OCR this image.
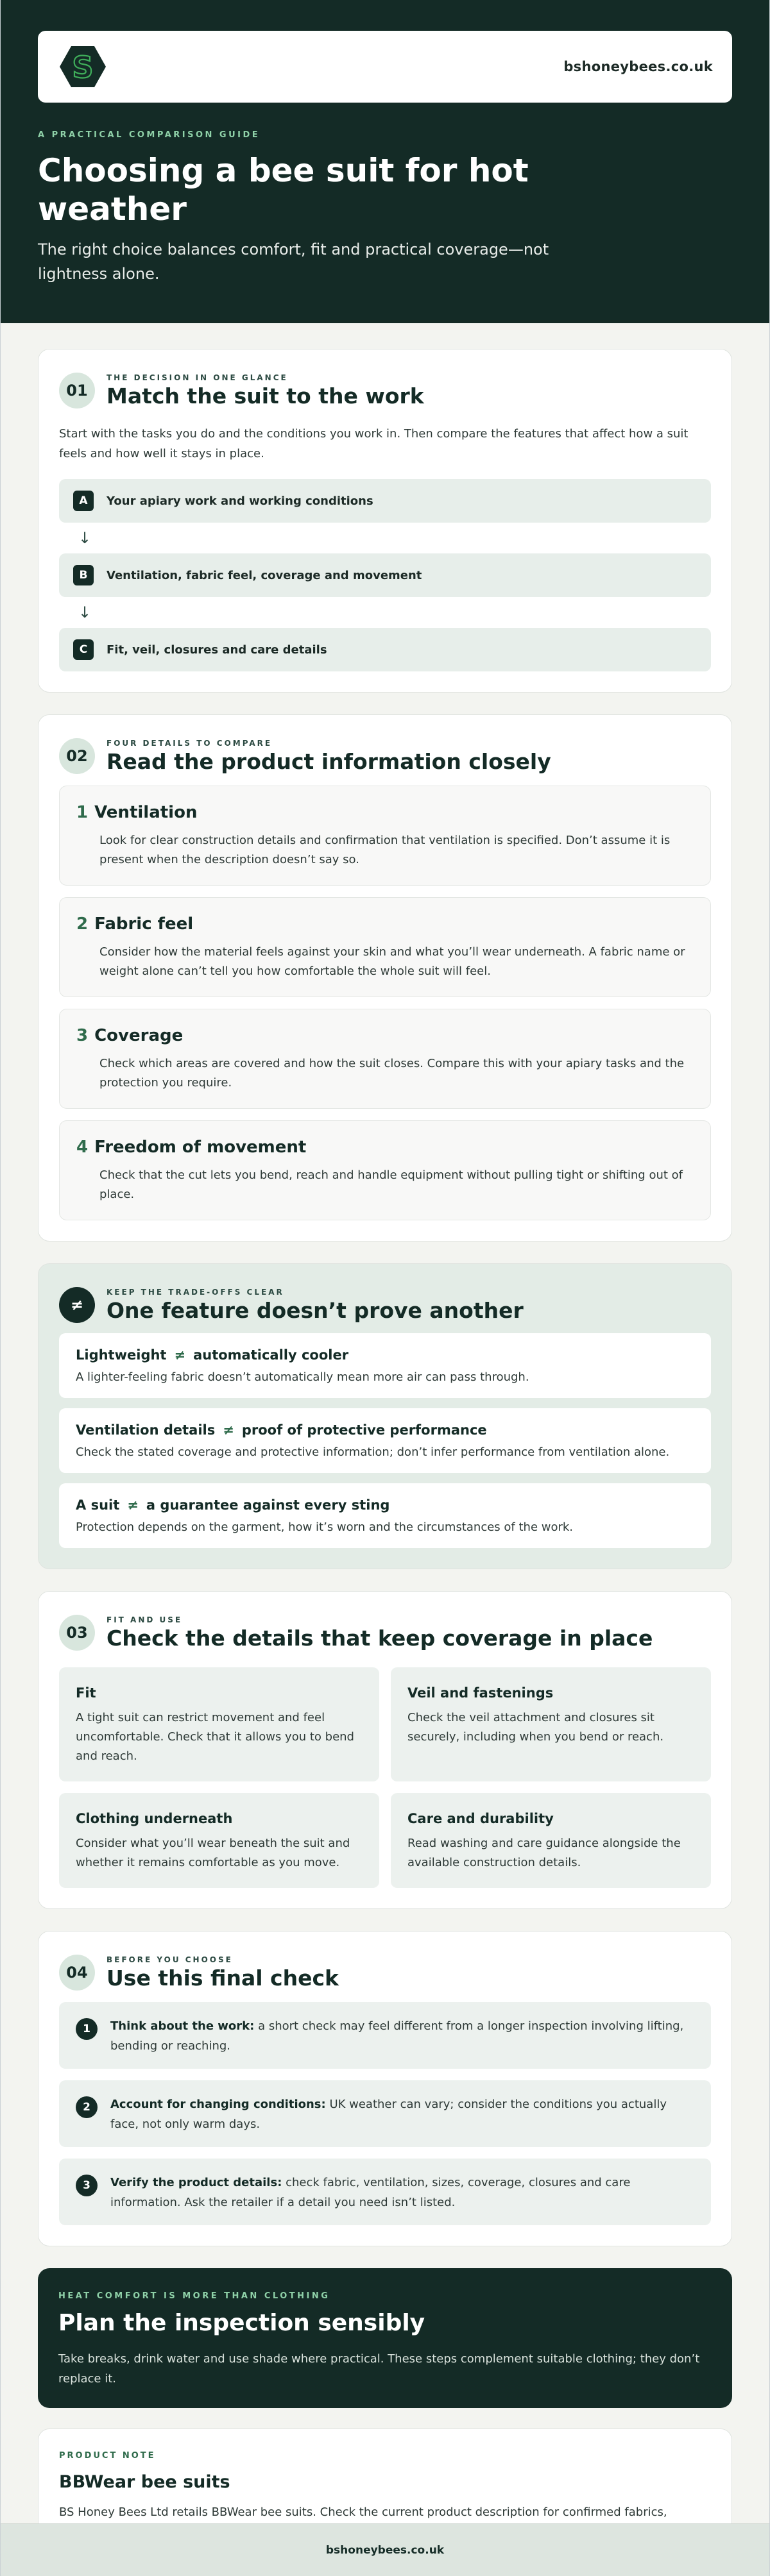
S	bshoneybees.co.uk
A PRACTICAL COMPARISON GUIDE
Choosing a bee suit for hot weather

The right choice balances comfort, fit and practical coverage—not lightness alone.

01
THE DECISION IN ONE GLANCE
Match the suit to the work

Start with the tasks you do and the conditions you work in. Then compare the features that affect how a suit feels and how well it stays in place.

A	Your apiary work and working conditions
↓
B	Ventilation, fabric feel, coverage and movement
↓
C	Fit, veil, closures and care details
02
FOUR DETAILS TO COMPARE
Read the product information closely
1 Ventilation

Look for clear construction details and confirmation that ventilation is specified. Don’t assume it is present when the description doesn’t say so.

2 Fabric feel

Consider how the material feels against your skin and what you’ll wear underneath. A fabric name or weight alone can’t tell you how comfortable the whole suit will feel.

3 Coverage

Check which areas are covered and how the suit closes. Compare this with your apiary tasks and the protection you require.

4 Freedom of movement

Check that the cut lets you bend, reach and handle equipment without pulling tight or shifting out of place.

≠
KEEP THE TRADE-OFFS CLEAR
One feature doesn’t prove another
Lightweight ≠ automatically cooler

A lighter-feeling fabric doesn’t automatically mean more air can pass through.

Ventilation details ≠ proof of protective performance

Check the stated coverage and protective information; don’t infer performance from ventilation alone.

A suit ≠ a guarantee against every sting

Protection depends on the garment, how it’s worn and the circumstances of the work.

03
FIT AND USE
Check the details that keep coverage in place
Fit

A tight suit can restrict movement and feel uncomfortable. Check that it allows you to bend and reach.

Veil and fastenings

Check the veil attachment and closures sit securely, including when you bend or reach.

Clothing underneath

Consider what you’ll wear beneath the suit and whether it remains comfortable as you move.

Care and durability

Read washing and care guidance alongside the available construction details.

04
BEFORE YOU CHOOSE
Use this final check
1	Think about the work: a short check may feel different from a longer inspection involving lifting, bending or reaching.

2	Account for changing conditions: UK weather can vary; consider the conditions you actually face, not only warm days.

3	Verify the product details: check fabric, ventilation, sizes, coverage, closures and care information. Ask the retailer if a detail you need isn’t listed.

HEAT COMFORT IS MORE THAN CLOTHING
Plan the inspection sensibly

Take breaks, drink water and use shade where practical. These steps complement suitable clothing; they don’t replace it.

PRODUCT NOTE
BBWear bee suits

BS Honey Bees Ltd retails BBWear bee suits. Check the current product description for confirmed fabrics,

bshoneybees.co.uk
